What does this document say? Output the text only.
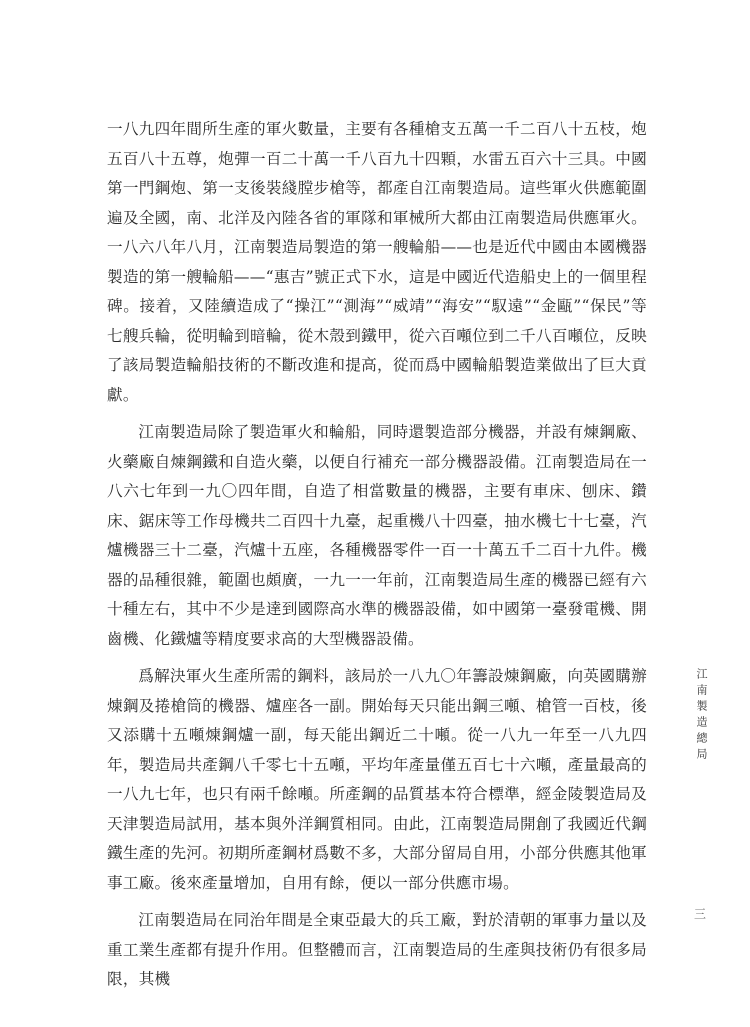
一八九四年間所生產的軍火數量，主要有各種槍支五萬一千二百八十五枝，炮五百八十五尊，炮彈一百二十萬一千八百九十四顆，水雷五百六十三具。中國第一門鋼炮、第一支後裝綫膛步槍等，都產自江南製造局。這些軍火供應範圍遍及全國，南、北洋及內陸各省的軍隊和軍械所大都由江南製造局供應軍火。一八六八年八月，江南製造局製造的第一艘輪船——也是近代中國由本國機器製造的第一艘輪船——“惠吉”號正式下水，這是中國近代造船史上的一個里程碑。接着，又陸續造成了“操江”“測海”“威靖”“海安”“馭遠”“金甌”“保民”等七艘兵輪，從明輪到暗輪，從木殼到鐵甲，從六百噸位到二千八百噸位，反映了該局製造輪船技術的不斷改進和提高，從而爲中國輪船製造業做出了巨大貢獻。

江南製造局除了製造軍火和輪船，同時還製造部分機器，并設有煉鋼廠、火藥廠自煉鋼鐵和自造火藥，以便自行補充一部分機器設備。江南製造局在一八六七年到一九〇四年間，自造了相當數量的機器，主要有車床、刨床、鑽床、鋸床等工作母機共二百四十九臺，起重機八十四臺，抽水機七十七臺，汽爐機器三十二臺，汽爐十五座，各種機器零件一百一十萬五千二百十九件。機器的品種很雜，範圍也頗廣，一九一一年前，江南製造局生產的機器已經有六十種左右，其中不少是達到國際高水準的機器設備，如中國第一臺發電機、開齒機、化鐵爐等精度要求高的大型機器設備。

爲解決軍火生產所需的鋼料，該局於一八九〇年籌設煉鋼廠，向英國購辦煉鋼及捲槍筒的機器、爐座各一副。開始每天只能出鋼三噸、槍管一百枝，後又添購十五噸煉鋼爐一副，每天能出鋼近二十噸。從一八九一年至一八九四年，製造局共產鋼八千零七十五噸，平均年產量僅五百七十六噸，產量最高的一八九七年，也只有兩千餘噸。所產鋼的品質基本符合標準，經金陵製造局及天津製造局試用，基本與外洋鋼質相同。由此，江南製造局開創了我國近代鋼鐵生產的先河。初期所產鋼材爲數不多，大部分留局自用，小部分供應其他軍事工廠。後來產量增加，自用有餘，便以一部分供應市場。

江南製造局在同治年間是全東亞最大的兵工廠，對於清朝的軍事力量以及重工業生產都有提升作用。但整體而言，江南製造局的生產與技術仍有很多局限，其機

江南製造總局
三
